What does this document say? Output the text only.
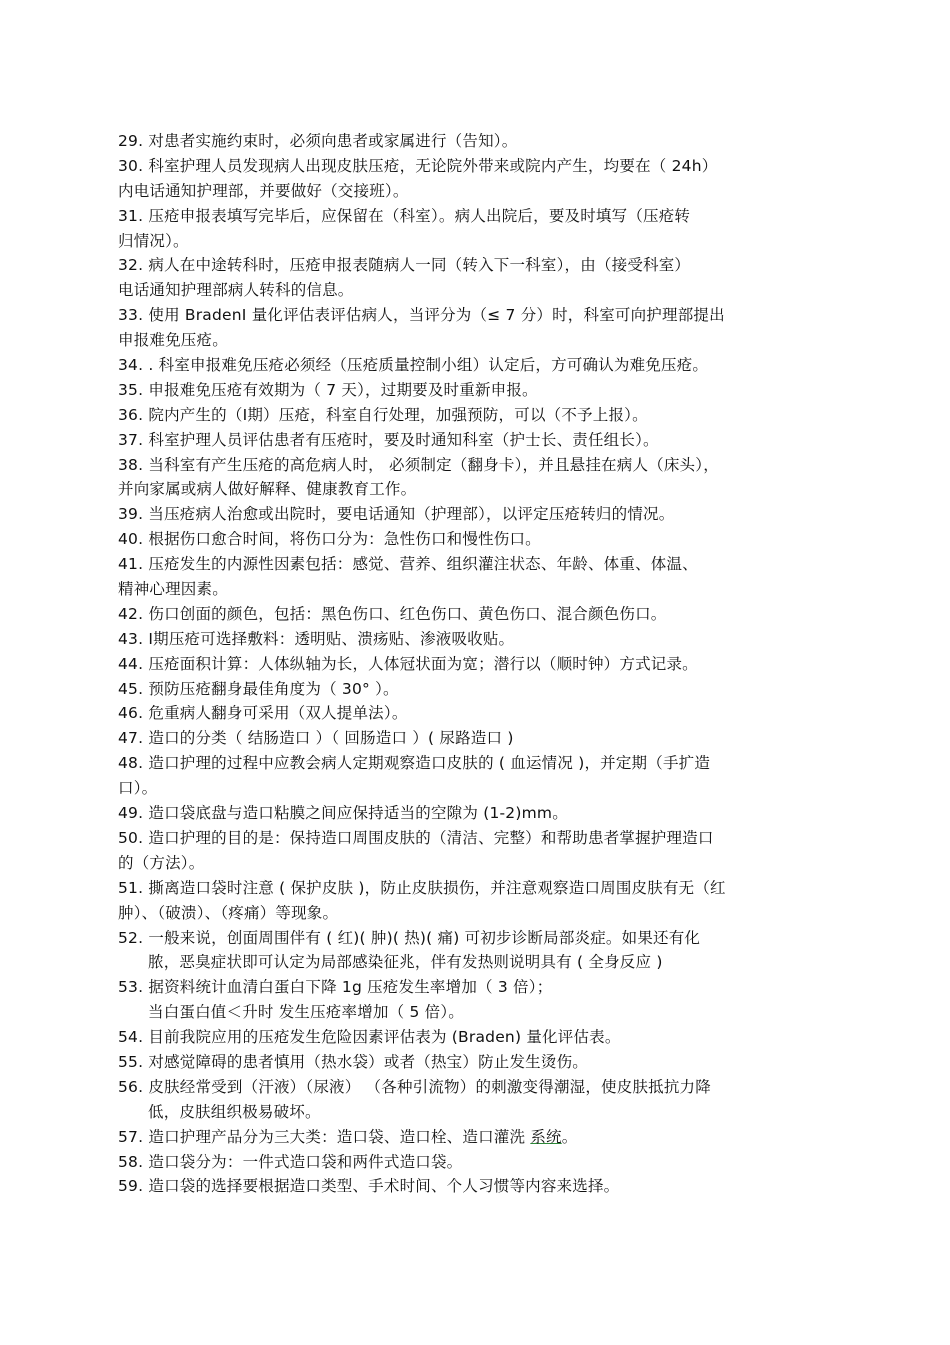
29. 对患者实施约束时，必须向患者或家属进行（告知）。
30. 科室护理人员发现病人出现皮肤压疮，无论院外带来或院内产生，均要在（ 24h）
内电话通知护理部，并要做好（交接班）。
31. 压疮申报表填写完毕后，应保留在（科室）。病人出院后，要及时填写（压疮转
归情况）。
32. 病人在中途转科时，压疮申报表随病人一同（转入下一科室），由（接受科室）
电话通知护理部病人转科的信息。
33. 使用 BradenI 量化评估表评估病人，当评分为（≤ 7 分）时，科室可向护理部提出
申报难免压疮。
34. . 科室申报难免压疮必须经（压疮质量控制小组）认定后，方可确认为难免压疮。
35. 申报难免压疮有效期为（ 7 天），过期要及时重新申报。
36. 院内产生的（Ⅰ期）压疮，科室自行处理，加强预防，可以（不予上报）。
37. 科室护理人员评估患者有压疮时，要及时通知科室（护士长、责任组长）。
38. 当科室有产生压疮的高危病人时， 必须制定（翻身卡），并且悬挂在病人（床头），
并向家属或病人做好解释、健康教育工作。
39. 当压疮病人治愈或出院时，要电话通知（护理部），以评定压疮转归的情况。
40. 根据伤口愈合时间，将伤口分为：急性伤口和慢性伤口。
41. 压疮发生的内源性因素包括：感觉、营养、组织灌注状态、年龄、体重、体温、
精神心理因素。
42. 伤口创面的颜色，包括：黑色伤口、红色伤口、黄色伤口、混合颜色伤口。
43. Ⅰ期压疮可选择敷料：透明贴、溃疡贴、渗液吸收贴。
44. 压疮面积计算：人体纵轴为长，人体冠状面为宽；潜行以（顺时钟）方式记录。
45. 预防压疮翻身最佳角度为（ 30° ）。
46. 危重病人翻身可采用（双人提单法）。
47. 造口的分类（ 结肠造口 ）（ 回肠造口 ）( 尿路造口 )
48. 造口护理的过程中应教会病人定期观察造口皮肤的 ( 血运情况 )，并定期（手扩造
口）。
49. 造口袋底盘与造口粘膜之间应保持适当的空隙为 (1-2)mm。
50. 造口护理的目的是：保持造口周围皮肤的（清洁、完整）和帮助患者掌握护理造口
的（方法）。
51. 撕离造口袋时注意 ( 保护皮肤 )，防止皮肤损伤，并注意观察造口周围皮肤有无（红
肿）、（破溃）、（疼痛）等现象。
52. 一般来说，创面周围伴有 ( 红)( 肿)( 热)( 痛) 可初步诊断局部炎症。如果还有化
脓，恶臭症状即可认定为局部感染征兆，伴有发热则说明具有 ( 全身反应 )
53. 据资料统计血清白蛋白下降 1g 压疮发生率增加（ 3 倍）；
当白蛋白值＜升时 发生压疮率增加（ 5 倍）。
54. 目前我院应用的压疮发生危险因素评估表为 (Braden) 量化评估表。
55. 对感觉障碍的患者慎用（热水袋）或者（热宝）防止发生烫伤。
56. 皮肤经常受到（汗液）（尿液） （各种引流物）的刺激变得潮湿，使皮肤抵抗力降
低，皮肤组织极易破坏。
57. 造口护理产品分为三大类：造口袋、造口栓、造口灌洗 系统。
58. 造口袋分为：一件式造口袋和两件式造口袋。
59. 造口袋的选择要根据造口类型、手术时间、个人习惯等内容来选择。
